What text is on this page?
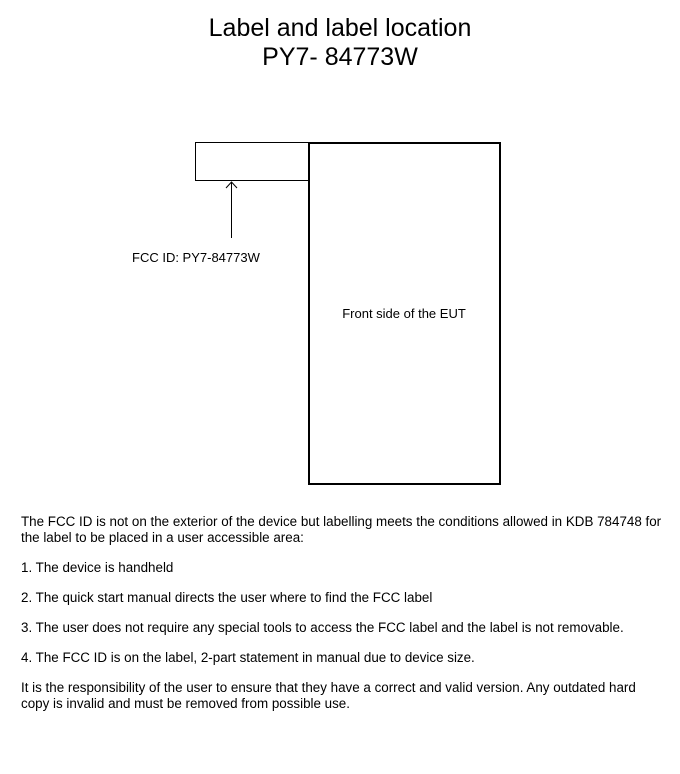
Label and label location
PY7- 84773W
FCC ID: PY7-84773W
Front side of the EUT

The FCC ID is not on the exterior of the device but labelling meets the conditions allowed in KDB 784748 for the label to be placed in a user accessible area:

1. The device is handheld

2. The quick start manual directs the user where to find the FCC label

3. The user does not require any special tools to access the FCC label and the label is not removable.

4. The FCC ID is on the label, 2-part statement in manual due to device size.

It is the responsibility of the user to ensure that they have a correct and valid version. Any outdated hard copy is invalid and must be removed from possible use.
